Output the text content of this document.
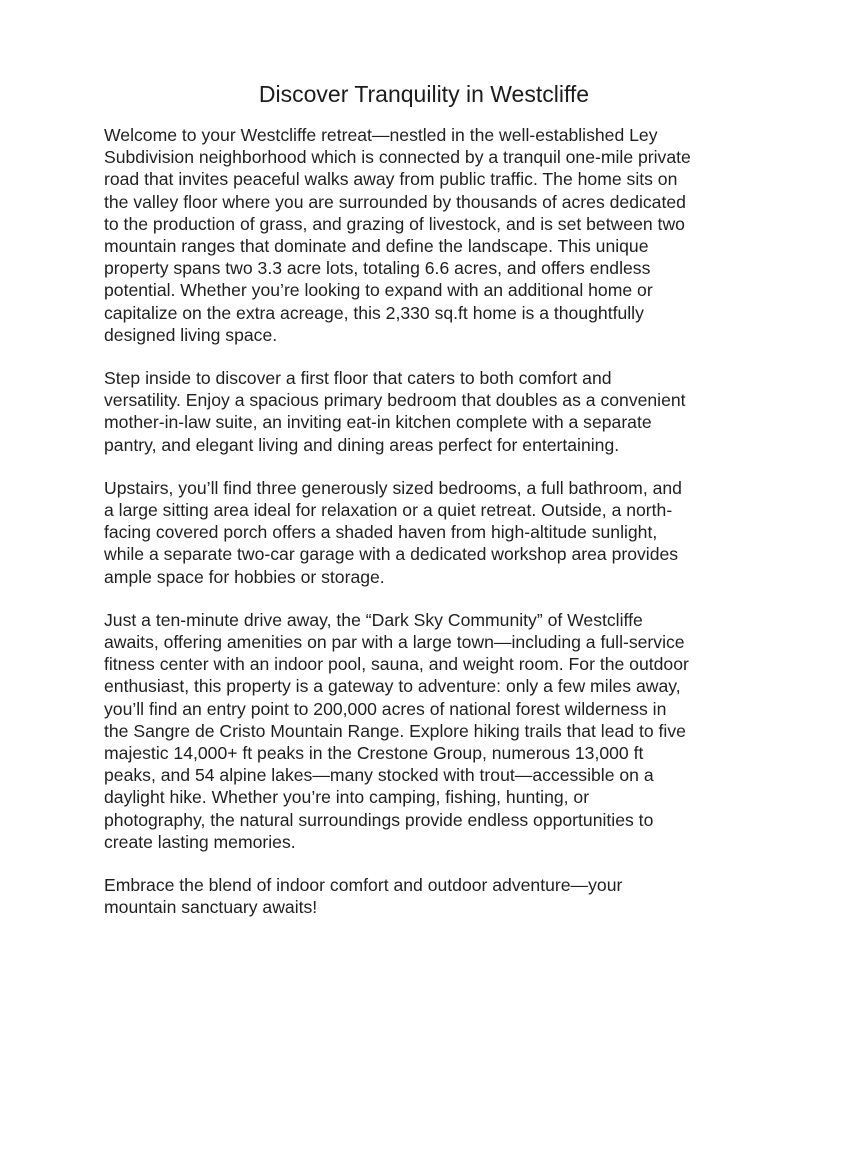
Discover Tranquility in Westcliffe

Welcome to your Westcliffe retreat—nestled in the well-established Ley
Subdivision neighborhood which is connected by a tranquil one-mile private
road that invites peaceful walks away from public traffic. The home sits on
the valley floor where you are surrounded by thousands of acres dedicated
to the production of grass, and grazing of livestock, and is set between two
mountain ranges that dominate and define the landscape. This unique
property spans two 3.3 acre lots, totaling 6.6 acres, and offers endless
potential. Whether you’re looking to expand with an additional home or
capitalize on the extra acreage, this 2,330 sq.ft home is a thoughtfully
designed living space.

Step inside to discover a first floor that caters to both comfort and
versatility. Enjoy a spacious primary bedroom that doubles as a convenient
mother-in-law suite, an inviting eat-in kitchen complete with a separate
pantry, and elegant living and dining areas perfect for entertaining.

Upstairs, you’ll find three generously sized bedrooms, a full bathroom, and
a large sitting area ideal for relaxation or a quiet retreat. Outside, a north-
facing covered porch offers a shaded haven from high-altitude sunlight,
while a separate two-car garage with a dedicated workshop area provides
ample space for hobbies or storage.

Just a ten-minute drive away, the “Dark Sky Community” of Westcliffe
awaits, offering amenities on par with a large town—including a full-service
fitness center with an indoor pool, sauna, and weight room. For the outdoor
enthusiast, this property is a gateway to adventure: only a few miles away,
you’ll find an entry point to 200,000 acres of national forest wilderness in
the Sangre de Cristo Mountain Range. Explore hiking trails that lead to five
majestic 14,000+ ft peaks in the Crestone Group, numerous 13,000 ft
peaks, and 54 alpine lakes—many stocked with trout—accessible on a
daylight hike. Whether you’re into camping, fishing, hunting, or
photography, the natural surroundings provide endless opportunities to
create lasting memories.

Embrace the blend of indoor comfort and outdoor adventure—your
mountain sanctuary awaits!
